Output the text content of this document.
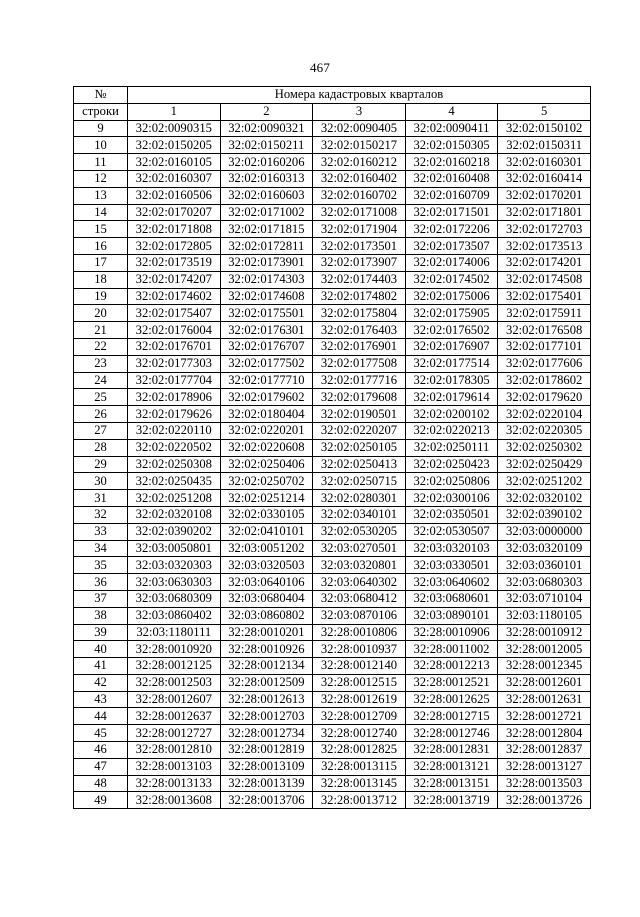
467
№	Номера кадастровых кварталов				
строки	1	2	3	4	5
9	32:02:0090315	32:02:0090321	32:02:0090405	32:02:0090411	32:02:0150102
10	32:02:0150205	32:02:0150211	32:02:0150217	32:02:0150305	32:02:0150311
11	32:02:0160105	32:02:0160206	32:02:0160212	32:02:0160218	32:02:0160301
12	32:02:0160307	32:02:0160313	32:02:0160402	32:02:0160408	32:02:0160414
13	32:02:0160506	32:02:0160603	32:02:0160702	32:02:0160709	32:02:0170201
14	32:02:0170207	32:02:0171002	32:02:0171008	32:02:0171501	32:02:0171801
15	32:02:0171808	32:02:0171815	32:02:0171904	32:02:0172206	32:02:0172703
16	32:02:0172805	32:02:0172811	32:02:0173501	32:02:0173507	32:02:0173513
17	32:02:0173519	32:02:0173901	32:02:0173907	32:02:0174006	32:02:0174201
18	32:02:0174207	32:02:0174303	32:02:0174403	32:02:0174502	32:02:0174508
19	32:02:0174602	32:02:0174608	32:02:0174802	32:02:0175006	32:02:0175401
20	32:02:0175407	32:02:0175501	32:02:0175804	32:02:0175905	32:02:0175911
21	32:02:0176004	32:02:0176301	32:02:0176403	32:02:0176502	32:02:0176508
22	32:02:0176701	32:02:0176707	32:02:0176901	32:02:0176907	32:02:0177101
23	32:02:0177303	32:02:0177502	32:02:0177508	32:02:0177514	32:02:0177606
24	32:02:0177704	32:02:0177710	32:02:0177716	32:02:0178305	32:02:0178602
25	32:02:0178906	32:02:0179602	32:02:0179608	32:02:0179614	32:02:0179620
26	32:02:0179626	32:02:0180404	32:02:0190501	32:02:0200102	32:02:0220104
27	32:02:0220110	32:02:0220201	32:02:0220207	32:02:0220213	32:02:0220305
28	32:02:0220502	32:02:0220608	32:02:0250105	32:02:0250111	32:02:0250302
29	32:02:0250308	32:02:0250406	32:02:0250413	32:02:0250423	32:02:0250429
30	32:02:0250435	32:02:0250702	32:02:0250715	32:02:0250806	32:02:0251202
31	32:02:0251208	32:02:0251214	32:02:0280301	32:02:0300106	32:02:0320102
32	32:02:0320108	32:02:0330105	32:02:0340101	32:02:0350501	32:02:0390102
33	32:02:0390202	32:02:0410101	32:02:0530205	32:02:0530507	32:03:0000000
34	32:03:0050801	32:03:0051202	32:03:0270501	32:03:0320103	32:03:0320109
35	32:03:0320303	32:03:0320503	32:03:0320801	32:03:0330501	32:03:0360101
36	32:03:0630303	32:03:0640106	32:03:0640302	32:03:0640602	32:03:0680303
37	32:03:0680309	32:03:0680404	32:03:0680412	32:03:0680601	32:03:0710104
38	32:03:0860402	32:03:0860802	32:03:0870106	32:03:0890101	32:03:1180105
39	32:03:1180111	32:28:0010201	32:28:0010806	32:28:0010906	32:28:0010912
40	32:28:0010920	32:28:0010926	32:28:0010937	32:28:0011002	32:28:0012005
41	32:28:0012125	32:28:0012134	32:28:0012140	32:28:0012213	32:28:0012345
42	32:28:0012503	32:28:0012509	32:28:0012515	32:28:0012521	32:28:0012601
43	32:28:0012607	32:28:0012613	32:28:0012619	32:28:0012625	32:28:0012631
44	32:28:0012637	32:28:0012703	32:28:0012709	32:28:0012715	32:28:0012721
45	32:28:0012727	32:28:0012734	32:28:0012740	32:28:0012746	32:28:0012804
46	32:28:0012810	32:28:0012819	32:28:0012825	32:28:0012831	32:28:0012837
47	32:28:0013103	32:28:0013109	32:28:0013115	32:28:0013121	32:28:0013127
48	32:28:0013133	32:28:0013139	32:28:0013145	32:28:0013151	32:28:0013503
49	32:28:0013608	32:28:0013706	32:28:0013712	32:28:0013719	32:28:0013726
